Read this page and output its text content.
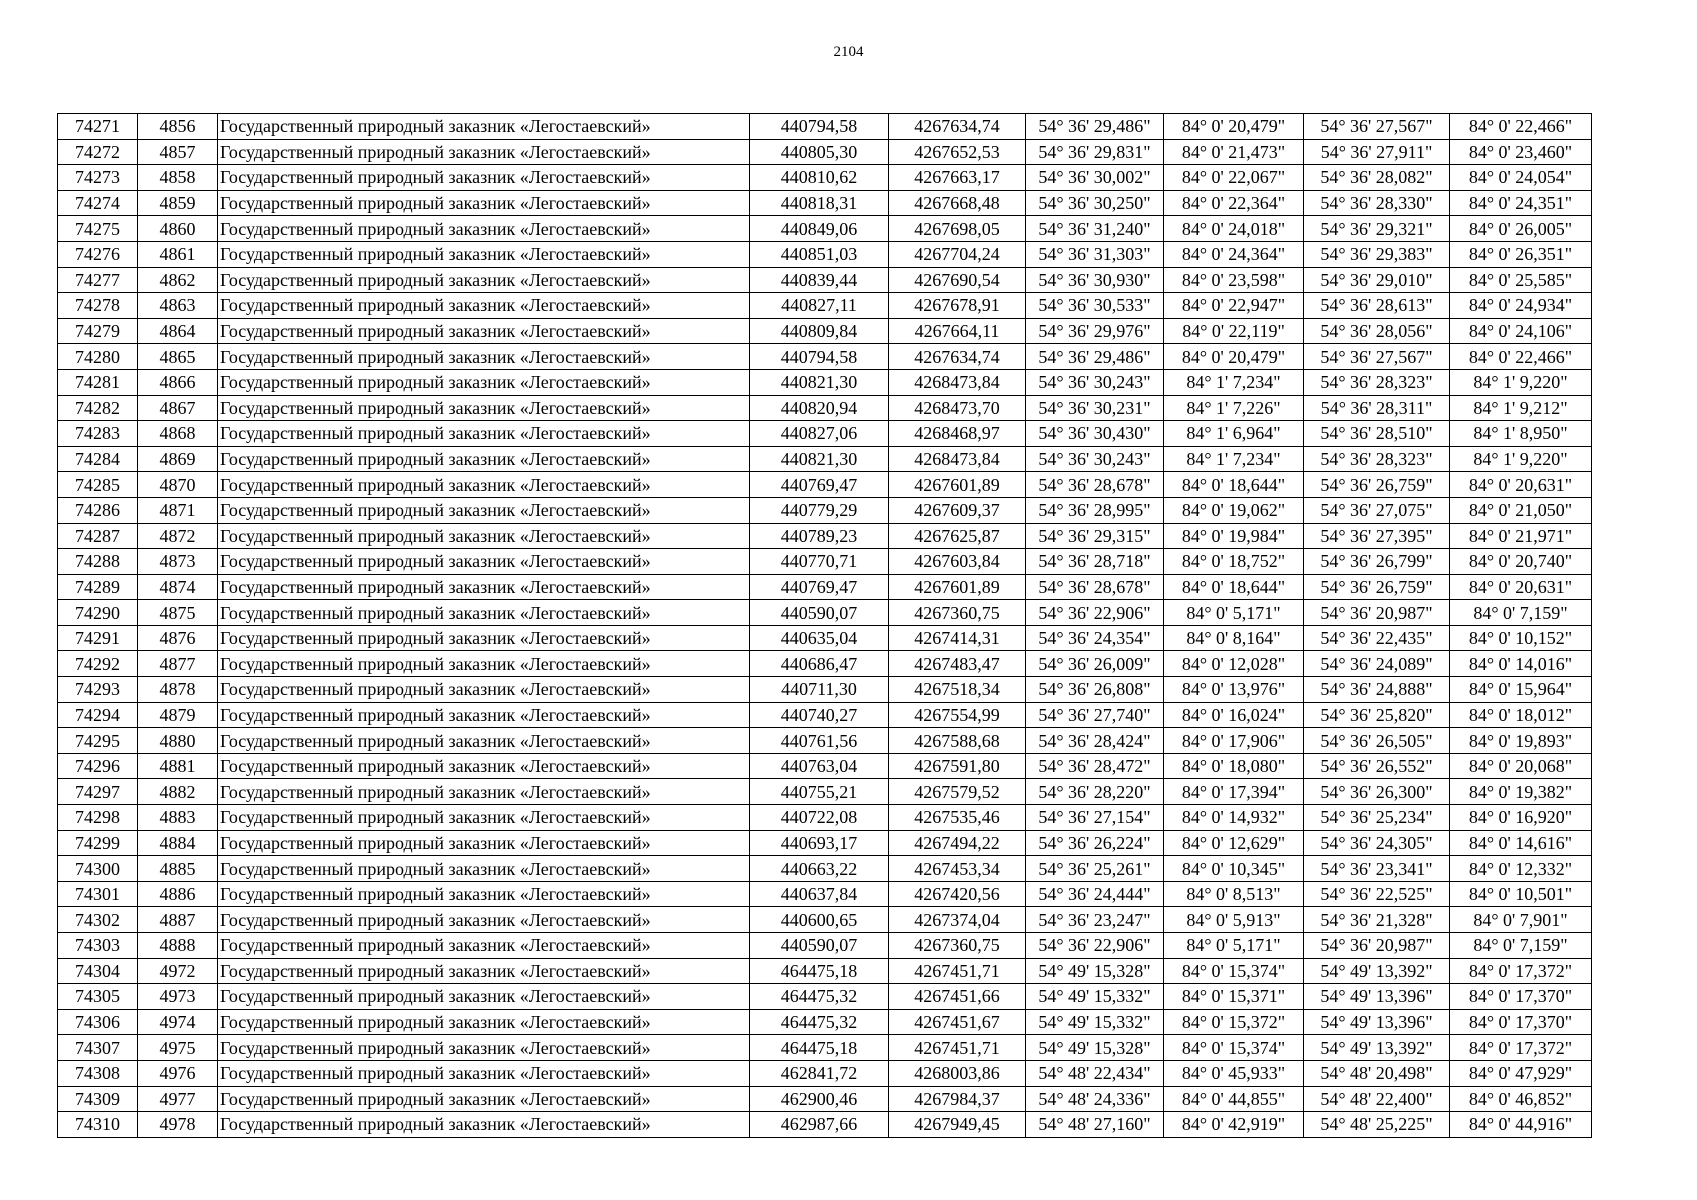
2104
74271	4856	Государственный природный заказник «Легостаевский»	440794,58	4267634,74	54° 36' 29,486"	84° 0' 20,479"	54° 36' 27,567"	84° 0' 22,466"
74272	4857	Государственный природный заказник «Легостаевский»	440805,30	4267652,53	54° 36' 29,831"	84° 0' 21,473"	54° 36' 27,911"	84° 0' 23,460"
74273	4858	Государственный природный заказник «Легостаевский»	440810,62	4267663,17	54° 36' 30,002"	84° 0' 22,067"	54° 36' 28,082"	84° 0' 24,054"
74274	4859	Государственный природный заказник «Легостаевский»	440818,31	4267668,48	54° 36' 30,250"	84° 0' 22,364"	54° 36' 28,330"	84° 0' 24,351"
74275	4860	Государственный природный заказник «Легостаевский»	440849,06	4267698,05	54° 36' 31,240"	84° 0' 24,018"	54° 36' 29,321"	84° 0' 26,005"
74276	4861	Государственный природный заказник «Легостаевский»	440851,03	4267704,24	54° 36' 31,303"	84° 0' 24,364"	54° 36' 29,383"	84° 0' 26,351"
74277	4862	Государственный природный заказник «Легостаевский»	440839,44	4267690,54	54° 36' 30,930"	84° 0' 23,598"	54° 36' 29,010"	84° 0' 25,585"
74278	4863	Государственный природный заказник «Легостаевский»	440827,11	4267678,91	54° 36' 30,533"	84° 0' 22,947"	54° 36' 28,613"	84° 0' 24,934"
74279	4864	Государственный природный заказник «Легостаевский»	440809,84	4267664,11	54° 36' 29,976"	84° 0' 22,119"	54° 36' 28,056"	84° 0' 24,106"
74280	4865	Государственный природный заказник «Легостаевский»	440794,58	4267634,74	54° 36' 29,486"	84° 0' 20,479"	54° 36' 27,567"	84° 0' 22,466"
74281	4866	Государственный природный заказник «Легостаевский»	440821,30	4268473,84	54° 36' 30,243"	84° 1' 7,234"	54° 36' 28,323"	84° 1' 9,220"
74282	4867	Государственный природный заказник «Легостаевский»	440820,94	4268473,70	54° 36' 30,231"	84° 1' 7,226"	54° 36' 28,311"	84° 1' 9,212"
74283	4868	Государственный природный заказник «Легостаевский»	440827,06	4268468,97	54° 36' 30,430"	84° 1' 6,964"	54° 36' 28,510"	84° 1' 8,950"
74284	4869	Государственный природный заказник «Легостаевский»	440821,30	4268473,84	54° 36' 30,243"	84° 1' 7,234"	54° 36' 28,323"	84° 1' 9,220"
74285	4870	Государственный природный заказник «Легостаевский»	440769,47	4267601,89	54° 36' 28,678"	84° 0' 18,644"	54° 36' 26,759"	84° 0' 20,631"
74286	4871	Государственный природный заказник «Легостаевский»	440779,29	4267609,37	54° 36' 28,995"	84° 0' 19,062"	54° 36' 27,075"	84° 0' 21,050"
74287	4872	Государственный природный заказник «Легостаевский»	440789,23	4267625,87	54° 36' 29,315"	84° 0' 19,984"	54° 36' 27,395"	84° 0' 21,971"
74288	4873	Государственный природный заказник «Легостаевский»	440770,71	4267603,84	54° 36' 28,718"	84° 0' 18,752"	54° 36' 26,799"	84° 0' 20,740"
74289	4874	Государственный природный заказник «Легостаевский»	440769,47	4267601,89	54° 36' 28,678"	84° 0' 18,644"	54° 36' 26,759"	84° 0' 20,631"
74290	4875	Государственный природный заказник «Легостаевский»	440590,07	4267360,75	54° 36' 22,906"	84° 0' 5,171"	54° 36' 20,987"	84° 0' 7,159"
74291	4876	Государственный природный заказник «Легостаевский»	440635,04	4267414,31	54° 36' 24,354"	84° 0' 8,164"	54° 36' 22,435"	84° 0' 10,152"
74292	4877	Государственный природный заказник «Легостаевский»	440686,47	4267483,47	54° 36' 26,009"	84° 0' 12,028"	54° 36' 24,089"	84° 0' 14,016"
74293	4878	Государственный природный заказник «Легостаевский»	440711,30	4267518,34	54° 36' 26,808"	84° 0' 13,976"	54° 36' 24,888"	84° 0' 15,964"
74294	4879	Государственный природный заказник «Легостаевский»	440740,27	4267554,99	54° 36' 27,740"	84° 0' 16,024"	54° 36' 25,820"	84° 0' 18,012"
74295	4880	Государственный природный заказник «Легостаевский»	440761,56	4267588,68	54° 36' 28,424"	84° 0' 17,906"	54° 36' 26,505"	84° 0' 19,893"
74296	4881	Государственный природный заказник «Легостаевский»	440763,04	4267591,80	54° 36' 28,472"	84° 0' 18,080"	54° 36' 26,552"	84° 0' 20,068"
74297	4882	Государственный природный заказник «Легостаевский»	440755,21	4267579,52	54° 36' 28,220"	84° 0' 17,394"	54° 36' 26,300"	84° 0' 19,382"
74298	4883	Государственный природный заказник «Легостаевский»	440722,08	4267535,46	54° 36' 27,154"	84° 0' 14,932"	54° 36' 25,234"	84° 0' 16,920"
74299	4884	Государственный природный заказник «Легостаевский»	440693,17	4267494,22	54° 36' 26,224"	84° 0' 12,629"	54° 36' 24,305"	84° 0' 14,616"
74300	4885	Государственный природный заказник «Легостаевский»	440663,22	4267453,34	54° 36' 25,261"	84° 0' 10,345"	54° 36' 23,341"	84° 0' 12,332"
74301	4886	Государственный природный заказник «Легостаевский»	440637,84	4267420,56	54° 36' 24,444"	84° 0' 8,513"	54° 36' 22,525"	84° 0' 10,501"
74302	4887	Государственный природный заказник «Легостаевский»	440600,65	4267374,04	54° 36' 23,247"	84° 0' 5,913"	54° 36' 21,328"	84° 0' 7,901"
74303	4888	Государственный природный заказник «Легостаевский»	440590,07	4267360,75	54° 36' 22,906"	84° 0' 5,171"	54° 36' 20,987"	84° 0' 7,159"
74304	4972	Государственный природный заказник «Легостаевский»	464475,18	4267451,71	54° 49' 15,328"	84° 0' 15,374"	54° 49' 13,392"	84° 0' 17,372"
74305	4973	Государственный природный заказник «Легостаевский»	464475,32	4267451,66	54° 49' 15,332"	84° 0' 15,371"	54° 49' 13,396"	84° 0' 17,370"
74306	4974	Государственный природный заказник «Легостаевский»	464475,32	4267451,67	54° 49' 15,332"	84° 0' 15,372"	54° 49' 13,396"	84° 0' 17,370"
74307	4975	Государственный природный заказник «Легостаевский»	464475,18	4267451,71	54° 49' 15,328"	84° 0' 15,374"	54° 49' 13,392"	84° 0' 17,372"
74308	4976	Государственный природный заказник «Легостаевский»	462841,72	4268003,86	54° 48' 22,434"	84° 0' 45,933"	54° 48' 20,498"	84° 0' 47,929"
74309	4977	Государственный природный заказник «Легостаевский»	462900,46	4267984,37	54° 48' 24,336"	84° 0' 44,855"	54° 48' 22,400"	84° 0' 46,852"
74310	4978	Государственный природный заказник «Легостаевский»	462987,66	4267949,45	54° 48' 27,160"	84° 0' 42,919"	54° 48' 25,225"	84° 0' 44,916"
